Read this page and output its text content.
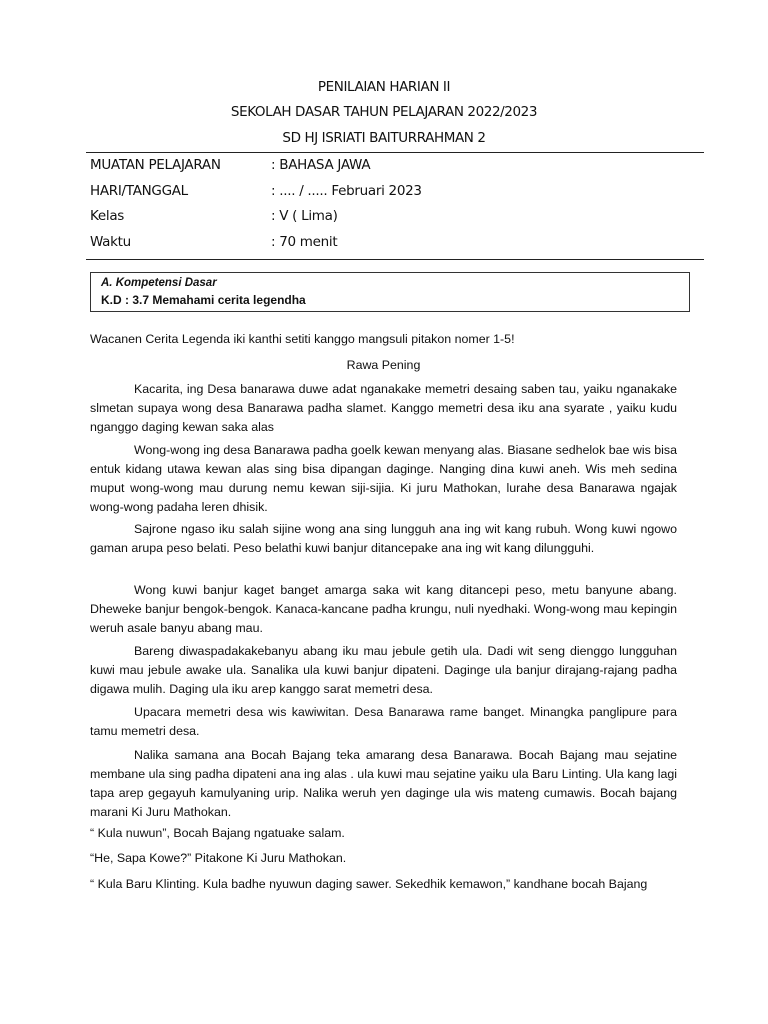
PENILAIAN HARIAN II
SEKOLAH DASAR TAHUN PELAJARAN 2022/2023
SD HJ ISRIATI BAITURRAHMAN 2
MUATAN PELAJARAN	: BAHASA JAWA
HARI/TANGGAL	: .... / ..... Februari 2023
Kelas	: V ( Lima)
Waktu	: 70 menit
A. Kompetensi Dasar
K.D : 3.7 Memahami cerita legendha
Wacanen Cerita Legenda iki kanthi setiti kanggo mangsuli pitakon nomer 1-5!
Rawa Pening
Kacarita, ing Desa banarawa duwe adat nganakake memetri desaing saben tau, yaiku nganakake slmetan supaya wong desa Banarawa padha slamet. Kanggo memetri desa iku ana syarate , yaiku kudu nganggo daging kewan saka alas
Wong-wong ing desa Banarawa padha goelk kewan menyang alas. Biasane sedhelok bae wis bisa entuk kidang utawa kewan alas sing bisa dipangan daginge. Nanging dina kuwi aneh. Wis meh sedina muput wong-wong mau durung nemu kewan siji-sijia. Ki juru Mathokan, lurahe desa Banarawa ngajak wong-wong padaha leren dhisik.
Sajrone ngaso iku salah sijine wong ana sing lungguh ana ing wit kang rubuh. Wong kuwi ngowo gaman arupa peso belati. Peso belathi kuwi banjur ditancepake ana ing wit kang dilungguhi.
Wong kuwi banjur kaget banget amarga saka wit kang ditancepi peso, metu banyune abang. Dheweke banjur bengok-bengok. Kanaca-kancane padha krungu, nuli nyedhaki. Wong-wong mau kepingin weruh asale banyu abang mau.
Bareng diwaspadakakebanyu abang iku mau jebule getih ula. Dadi wit seng dienggo lungguhan kuwi mau jebule awake ula. Sanalika ula kuwi banjur dipateni. Daginge ula banjur dirajang-rajang padha digawa mulih. Daging ula iku arep kanggo sarat memetri desa.
Upacara memetri desa wis kawiwitan. Desa Banarawa rame banget. Minangka panglipure para tamu memetri desa.
Nalika samana ana Bocah Bajang teka amarang desa Banarawa. Bocah Bajang mau sejatine membane ula sing padha dipateni ana ing alas . ula kuwi mau sejatine yaiku ula Baru Linting. Ula kang lagi tapa arep gegayuh kamulyaning urip. Nalika weruh yen daginge ula wis mateng cumawis. Bocah bajang marani Ki Juru Mathokan.
“ Kula nuwun”, Bocah Bajang ngatuake salam.
“He, Sapa Kowe?” Pitakone Ki Juru Mathokan.
“ Kula Baru Klinting. Kula badhe nyuwun daging sawer. Sekedhik kemawon,” kandhane bocah Bajang
